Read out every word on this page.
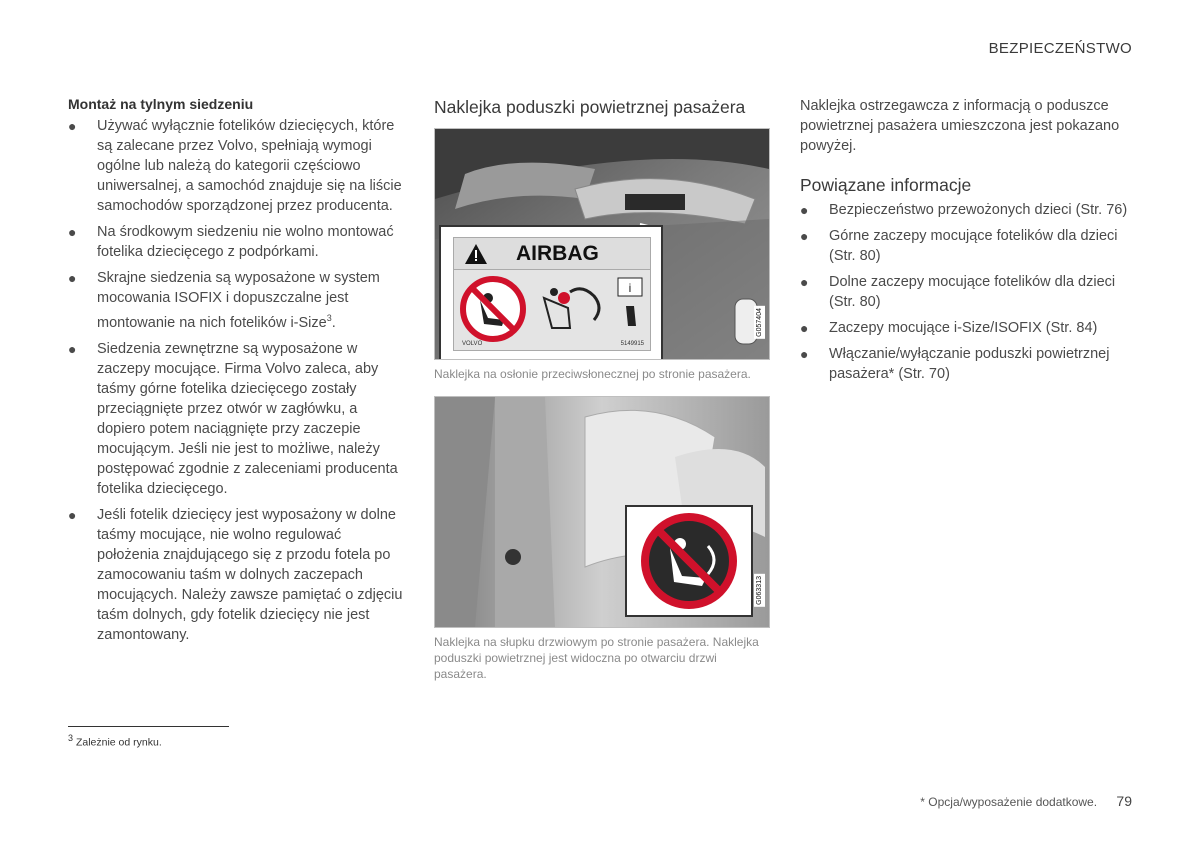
BEZPIECZEŃSTWO
Montaż na tylnym siedzeniu
● Używać wyłącznie fotelików dziecięcych, które są zalecane przez Volvo, spełniają wymogi ogólne lub należą do kategorii częściowo uniwersalnej, a samochód znajduje się na liście samochodów sporządzonej przez producenta.
● Na środkowym siedzeniu nie wolno montować fotelika dziecięcego z podpórkami.
● Skrajne siedzenia są wyposażone w system mocowania ISOFIX i dopuszczalne jest montowanie na nich fotelików i-Size$^3$.
● Siedzenia zewnętrzne są wyposażone w zaczepy mocujące. Firma Volvo zaleca, aby taśmy górne fotelika dziecięcego zostały przeciągnięte przez otwór w zagłówku, a dopiero potem naciągnięte przy zaczepie mocującym. Jeśli nie jest to możliwe, należy postępować zgodnie z zaleceniami producenta fotelika dziecięcego.
● Jeśli fotelik dziecięcy jest wyposażony w dolne taśmy mocujące, nie wolno regulować położenia znajdującego się z przodu fotela po zamocowaniu taśm w dolnych zaczepach mocujących. Należy zawsze pamiętać o zdjęciu taśm dolnych, gdy fotelik dziecięcy nie jest zamontowany.
Naklejka poduszki powietrznej pasażera
AIRBAG
i
VOLVO	5149915
G057404
Naklejka na osłonie przeciwsłonecznej po stronie pasażera.
G063313
Naklejka na słupku drzwiowym po stronie pasażera. Naklejka poduszki powietrznej jest widoczna po otwarciu drzwi pasażera.
Naklejka ostrzegawcza z informacją o poduszce powietrznej pasażera umieszczona jest pokazano powyżej.
Powiązane informacje
● Bezpieczeństwo przewożonych dzieci (Str. 76)
● Górne zaczepy mocujące fotelików dla dzieci (Str. 80)
● Dolne zaczepy mocujące fotelików dla dzieci (Str. 80)
● Zaczepy mocujące i-Size/ISOFIX (Str. 84)
● Włączanie/wyłączanie poduszki powietrznej pasażera* (Str. 70)
$^3$ Zależnie od rynku.
* Opcja/wyposażenie dodatkowe. 79
